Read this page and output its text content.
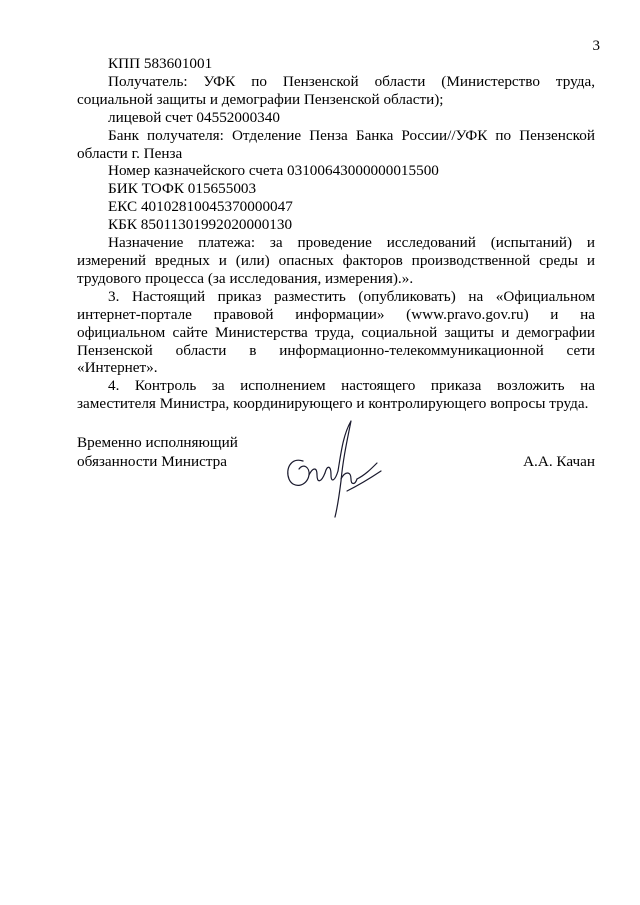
3

КПП 583601001

Получатель: УФК по Пензенской области (Министерство труда, социальной защиты и демографии Пензенской области);

лицевой счет 04552000340

Банк получателя: Отделение Пенза Банка России//УФК по Пензенской области г. Пенза

Номер казначейского счета 03100643000000015500

БИК ТОФК 015655003

ЕКС 40102810045370000047

КБК 85011301992020000130

Назначение платежа: за проведение исследований (испытаний) и измерений вредных и (или) опасных факторов производственной среды и трудового процесса (за исследования, измерения).».

3. Настоящий приказ разместить (опубликовать) на «Официальном интернет-портале правовой информации» (www.pravo.gov.ru) и на официальном сайте Министерства труда, социальной защиты и демографии Пензенской области в информационно-телекоммуникационной сети «Интернет».

4. Контроль за исполнением настоящего приказа возложить на заместителя Министра, координирующего и контролирующего вопросы труда.

Временно исполняющий
обязанности Министра	А.А. Качан
